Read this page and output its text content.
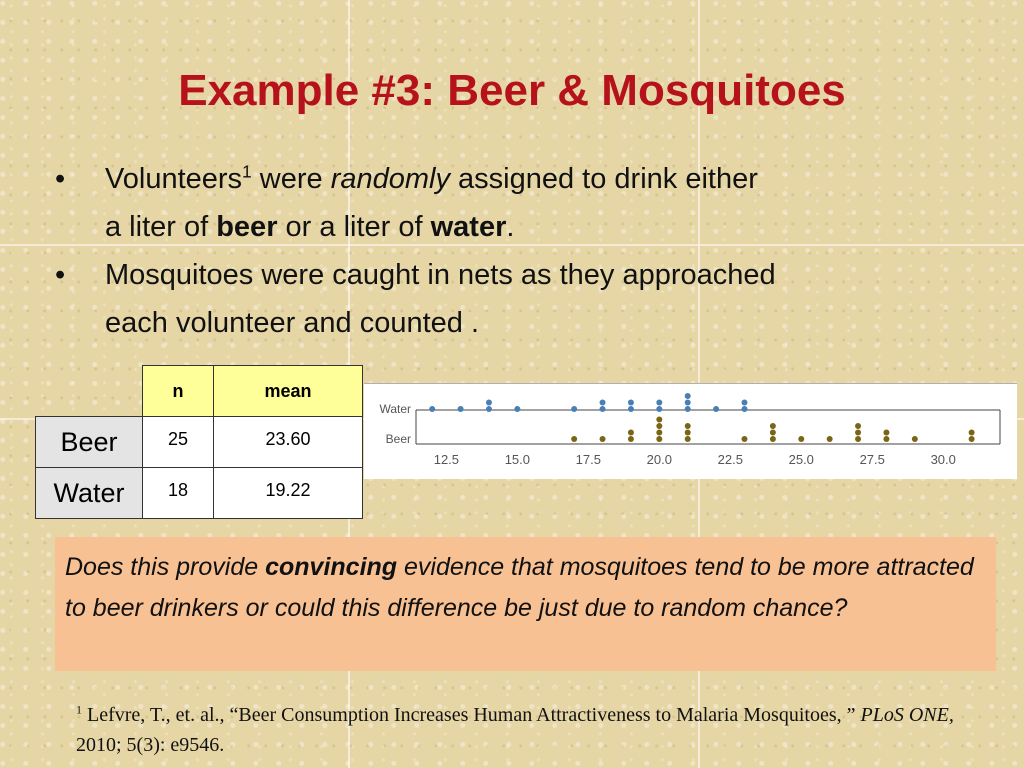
Example #3: Beer & Mosquitoes
• Volunteers$^1$ were randomly assigned to drink either
a liter of beer or a liter of water.
• Mosquitoes were caught in nets as they approached
each volunteer and counted .
	n	mean
Beer	25	23.60
Water	18	19.22
Water
Beer
12.5	15.0	17.5	20.0	22.5	25.0	27.5	30.0
Does this provide convincing evidence that mosquitoes tend to be more attracted to beer drinkers or could this difference be just due to random chance?
$^1$ Lefvre, T., et. al., “Beer Consumption Increases Human Attractiveness to Malaria Mosquitoes, ” PLoS ONE, 2010; 5(3): e9546.
